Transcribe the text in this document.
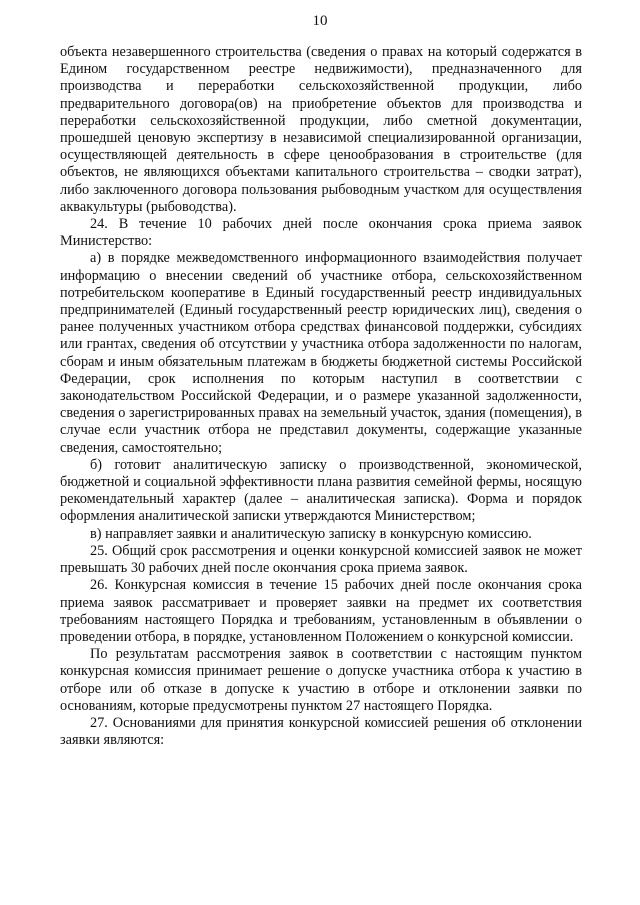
10

объекта незавершенного строительства (сведения о правах на который содержатся в Едином государственном реестре недвижимости), предназначенного для производства и переработки сельскохозяйственной продукции, либо предварительного договора(ов) на приобретение объектов для производства и переработки сельскохозяйственной продукции, либо сметной документации, прошедшей ценовую экспертизу в независимой специализированной организации, осуществляющей деятельность в сфере ценообразования в строительстве (для объектов, не являющихся объектами капитального строительства – сводки затрат), либо заключенного договора пользования рыбоводным участком для осуществления аквакультуры (рыбоводства).

24. В течение 10 рабочих дней после окончания срока приема заявок Министерство:

а) в порядке межведомственного информационного взаимодействия получает информацию о внесении сведений об участнике отбора, сельскохозяйственном потребительском кооперативе в Единый государственный реестр индивидуальных предпринимателей (Единый государственный реестр юридических лиц), сведения о ранее полученных участником отбора средствах финансовой поддержки, субсидиях или грантах, сведения об отсутствии у участника отбора задолженности по налогам, сборам и иным обязательным платежам в бюджеты бюджетной системы Российской Федерации, срок исполнения по которым наступил в соответствии с законодательством Российской Федерации, и о размере указанной задолженности, сведения о зарегистрированных правах на земельный участок, здания (помещения), в случае если участник отбора не представил документы, содержащие указанные сведения, самостоятельно;

б) готовит аналитическую записку о производственной, экономической, бюджетной и социальной эффективности плана развития семейной фермы, носящую рекомендательный характер (далее – аналитическая записка). Форма и порядок оформления аналитической записки утверждаются Министерством;

в) направляет заявки и аналитическую записку в конкурсную комиссию.

25. Общий срок рассмотрения и оценки конкурсной комиссией заявок не может превышать 30 рабочих дней после окончания срока приема заявок.

26. Конкурсная комиссия в течение 15 рабочих дней после окончания срока приема заявок рассматривает и проверяет заявки на предмет их соответствия требованиям настоящего Порядка и требованиям, установленным в объявлении о проведении отбора, в порядке, установленном Положением о конкурсной комиссии.

По результатам рассмотрения заявок в соответствии с настоящим пунктом конкурсная комиссия принимает решение о допуске участника отбора к участию в отборе или об отказе в допуске к участию в отборе и отклонении заявки по основаниям, которые предусмотрены пунктом 27 настоящего Порядка.

27. Основаниями для принятия конкурсной комиссией решения об отклонении заявки являются:
